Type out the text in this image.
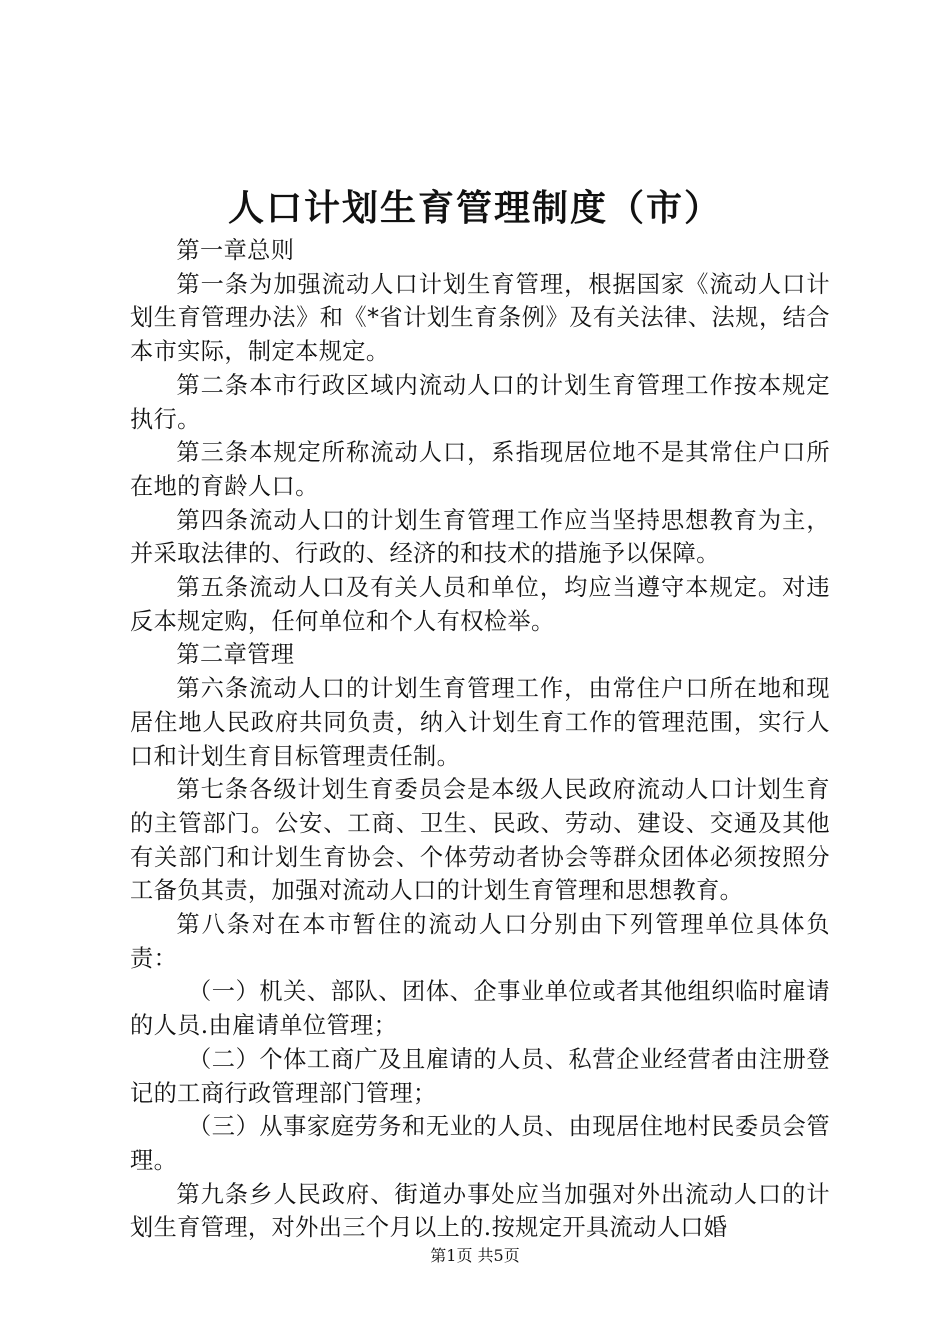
人口计划生育管理制度（市）

第一章总则

第一条为加强流动人口计划生育管理，根据国家《流动人口计划生育管理办法》和《*省计划生育条例》及有关法律、法规，结合本市实际，制定本规定。

第二条本市行政区域内流动人口的计划生育管理工作按本规定执行。

第三条本规定所称流动人口，系指现居位地不是其常住户口所在地的育龄人口。

第四条流动人口的计划生育管理工作应当坚持思想教育为主，并采取法律的、行政的、经济的和技术的措施予以保障。

第五条流动人口及有关人员和单位，均应当遵守本规定。对违反本规定购，任何单位和个人有权检举。

第二章管理

第六条流动人口的计划生育管理工作，由常住户口所在地和现居住地人民政府共同负责，纳入计划生育工作的管理范围，实行人口和计划生育目标管理责任制。

第七条各级计划生育委员会是本级人民政府流动人口计划生育的主管部门。公安、工商、卫生、民政、劳动、建设、交通及其他有关部门和计划生育协会、个体劳动者协会等群众团体必须按照分工备负其责，加强对流动人口的计划生育管理和思想教育。

第八条对在本市暂住的流动人口分别由下列管理单位具体负责：

（一）机关、部队、团体、企事业单位或者其他组织临时雇请的人员.由雇请单位管理；

（二）个体工商广及且雇请的人员、私营企业经营者由注册登记的工商行政管理部门管理；

（三）从事家庭劳务和无业的人员、由现居住地村民委员会管理。

第九条乡人民政府、街道办事处应当加强对外出流动人口的计划生育管理，对外出三个月以上的.按规定开具流动人口婚

第1页 共5页
